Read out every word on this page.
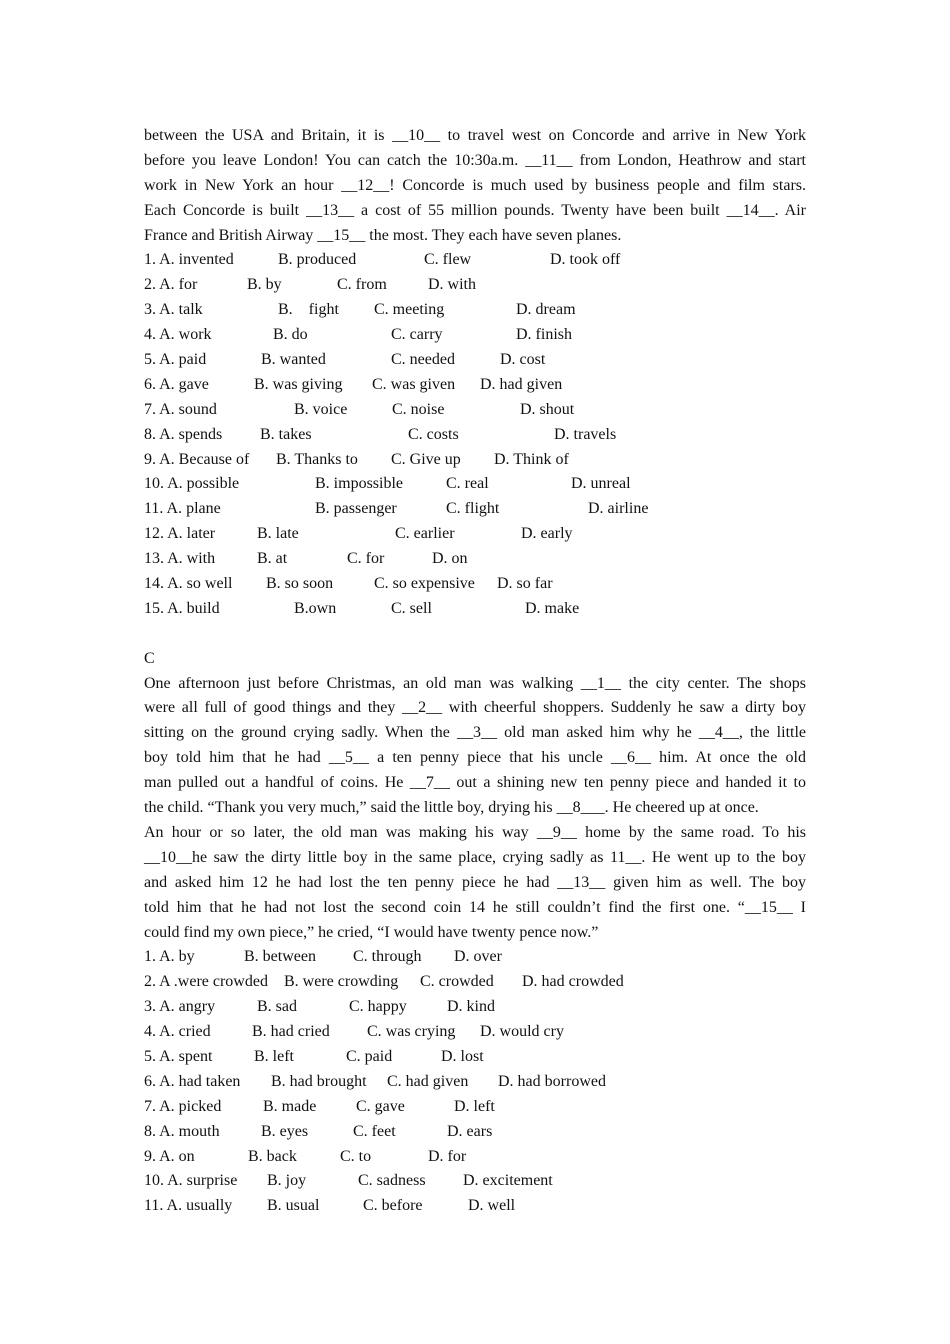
between the USA and Britain, it is __10__ to travel west on Concorde and arrive in New York
before you leave London! You can catch the 10:30a.m. __11__ from London, Heathrow and start
work in New York an hour __12__! Concorde is much used by business people and film stars.
Each Concorde is built __13__ a cost of 55 million pounds. Twenty have been built __14__. Air
France and British Airway __15__ the most. They each have seven planes.
1. A. invented	B. produced	C. flew	D. took off
2. A. for	B. by	C. from	D. with
3. A. talk	B.    fight C. meeting	D. dream
4. A. work	B. do	C. carry	D. finish
5. A. paid	B. wanted	C. needed	D. cost
6. A. gave	B. was giving C. was given D. had given
7. A. sound	B. voice	C. noise	D. shout
8. A. spends B. takes	C. costs	D. travels
9. A. Because of B. Thanks to C. Give up D. Think of
10. A. possible	B. impossible	C. real	D. unreal
11. A. plane	B. passenger	C. flight	D. airline
12. A. later	B. late	C. earlier	D. early
13. A. with	B. at	C. for	D. on
14. A. so well B. so soon	C. so expensive D. so far
15. A. build	B.own	C. sell	D. make
C
One afternoon just before Christmas, an old man was walking __1__ the city center. The shops
were all full of good things and they __2__ with cheerful shoppers. Suddenly he saw a dirty boy
sitting on the ground crying sadly. When the __3__ old man asked him why he __4__, the little
boy told him that he had __5__ a ten penny piece that his uncle __6__ him. At once the old
man pulled out a handful of coins. He __7__ out a shining new ten penny piece and handed it to
the child. “Thank you very much,” said the little boy, drying his __8___. He cheered up at once.
An hour or so later, the old man was making his way __9__ home by the same road. To his
__10__he saw the dirty little boy in the same place, crying sadly as 11__. He went up to the boy
and asked him 12 he had lost the ten penny piece he had __13__ given him as well. The boy
told him that he had not lost the second coin 14 he still couldn’t find the first one. “__15__ I
could find my own piece,” he cried, “I would have twenty pence now.”
1. A. by	B. between C. through D. over
2. A .were crowded B. were crowding C. crowded D. had crowded
3. A. angry	B. sad	C. happy	D. kind
4. A. cried	B. had cried C. was crying D. would cry
5. A. spent	B. left	C. paid	D. lost
6. A. had taken B. had brought C. had given D. had borrowed
7. A. picked	B. made C. gave	D. left
8. A. mouth	B. eyes	C. feet	D. ears
9. A. on	B. back	C. to	D. for
10. A. surprise B. joy	C. sadness D. excitement
11. A. usually B. usual	C. before	D. well
